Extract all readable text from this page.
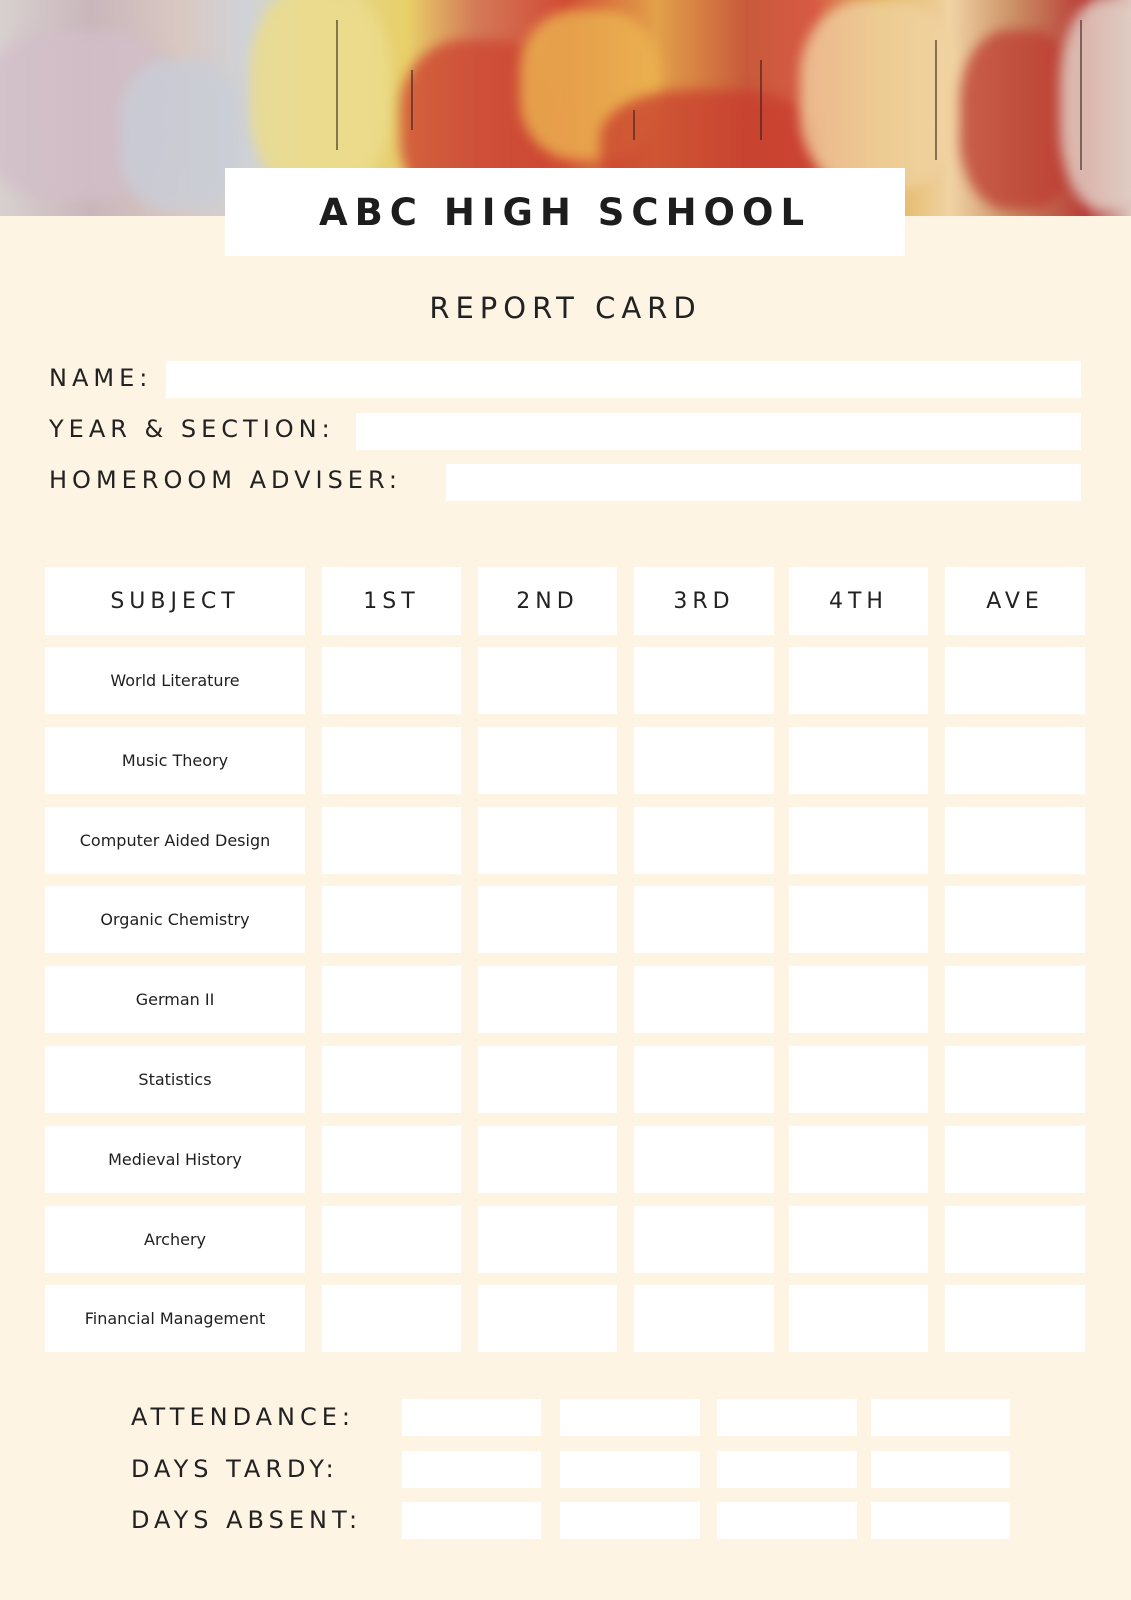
ABC HIGH SCHOOL
REPORT CARD
NAME:
YEAR & SECTION:
HOMEROOM ADVISER:
SUBJECT	1ST	2ND	3RD	4TH	AVE
World Literature
Music Theory
Computer Aided Design
Organic Chemistry
German II
Statistics
Medieval History
Archery
Financial Management
ATTENDANCE:
DAYS TARDY:
DAYS ABSENT:
